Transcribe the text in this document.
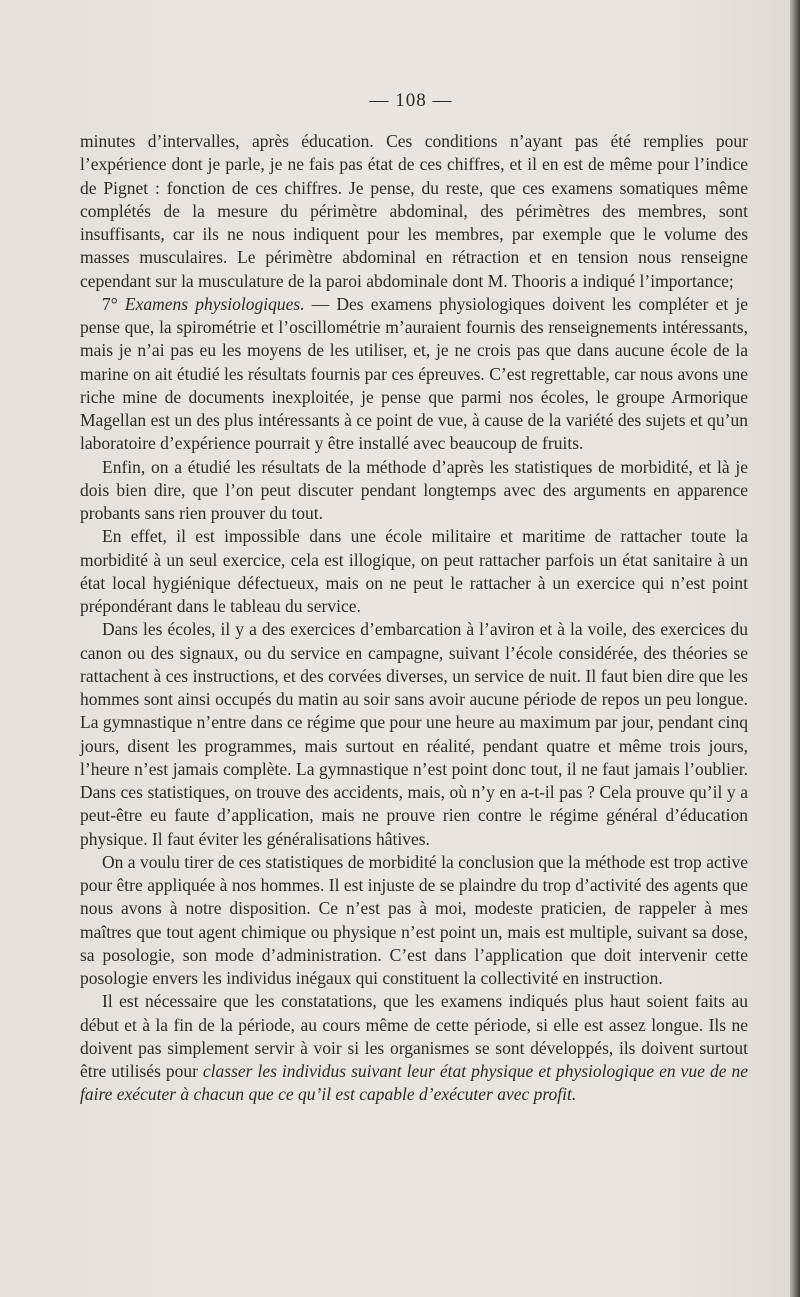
— 108 —

minutes d’intervalles, après éducation. Ces conditions n’ayant pas été remplies pour l’expérience dont je parle, je ne fais pas état de ces chiffres, et il en est de même pour l’indice de Pignet : fonction de ces chiffres. Je pense, du reste, que ces examens somatiques même complétés de la mesure du périmètre abdominal, des périmètres des membres, sont insuffisants, car ils ne nous indiquent pour les membres, par exemple que le volume des masses musculaires. Le périmètre abdominal en rétraction et en tension nous renseigne cependant sur la musculature de la paroi abdominale dont M. Thooris a indiqué l’importance;

7° Examens physiologiques. — Des examens physiologiques doivent les compléter et je pense que, la spirométrie et l’oscillométrie m’auraient fournis des renseignements intéressants, mais je n’ai pas eu les moyens de les utiliser, et, je ne crois pas que dans aucune école de la marine on ait étudié les résultats fournis par ces épreuves. C’est regrettable, car nous avons une riche mine de documents inexploitée, je pense que parmi nos écoles, le groupe Armorique Magellan est un des plus intéressants à ce point de vue, à cause de la variété des sujets et qu’un laboratoire d’expérience pourrait y être installé avec beaucoup de fruits.

Enfin, on a étudié les résultats de la méthode d’après les statistiques de morbidité, et là je dois bien dire, que l’on peut discuter pendant longtemps avec des arguments en apparence probants sans rien prouver du tout.

En effet, il est impossible dans une école militaire et maritime de rattacher toute la morbidité à un seul exercice, cela est illogique, on peut rattacher parfois un état sanitaire à un état local hygiénique défectueux, mais on ne peut le rattacher à un exercice qui n’est point prépondérant dans le tableau du service.

Dans les écoles, il y a des exercices d’embarcation à l’aviron et à la voile, des exercices du canon ou des signaux, ou du service en campagne, suivant l’école considérée, des théories se rattachent à ces instructions, et des corvées diverses, un service de nuit. Il faut bien dire que les hommes sont ainsi occupés du matin au soir sans avoir aucune période de repos un peu longue. La gymnastique n’entre dans ce régime que pour une heure au maximum par jour, pendant cinq jours, disent les programmes, mais surtout en réalité, pendant quatre et même trois jours, l’heure n’est jamais complète. La gymnastique n’est point donc tout, il ne faut jamais l’oublier. Dans ces statistiques, on trouve des accidents, mais, où n’y en a-t-il pas ? Cela prouve qu’il y a peut-être eu faute d’application, mais ne prouve rien contre le régime général d’éducation physique. Il faut éviter les généralisations hâtives.

On a voulu tirer de ces statistiques de morbidité la conclusion que la méthode est trop active pour être appliquée à nos hommes. Il est injuste de se plaindre du trop d’activité des agents que nous avons à notre disposition. Ce n’est pas à moi, modeste praticien, de rappeler à mes maîtres que tout agent chimique ou physique n’est point un, mais est multiple, suivant sa dose, sa posologie, son mode d’administration. C’est dans l’application que doit intervenir cette posologie envers les individus inégaux qui constituent la collectivité en instruction.

Il est nécessaire que les constatations, que les examens indiqués plus haut soient faits au début et à la fin de la période, au cours même de cette période, si elle est assez longue. Ils ne doivent pas simplement servir à voir si les organismes se sont développés, ils doivent surtout être utilisés pour classer les individus suivant leur état physique et physiologique en vue de ne faire exécuter à chacun que ce qu’il est capable d’exécuter avec profit.
